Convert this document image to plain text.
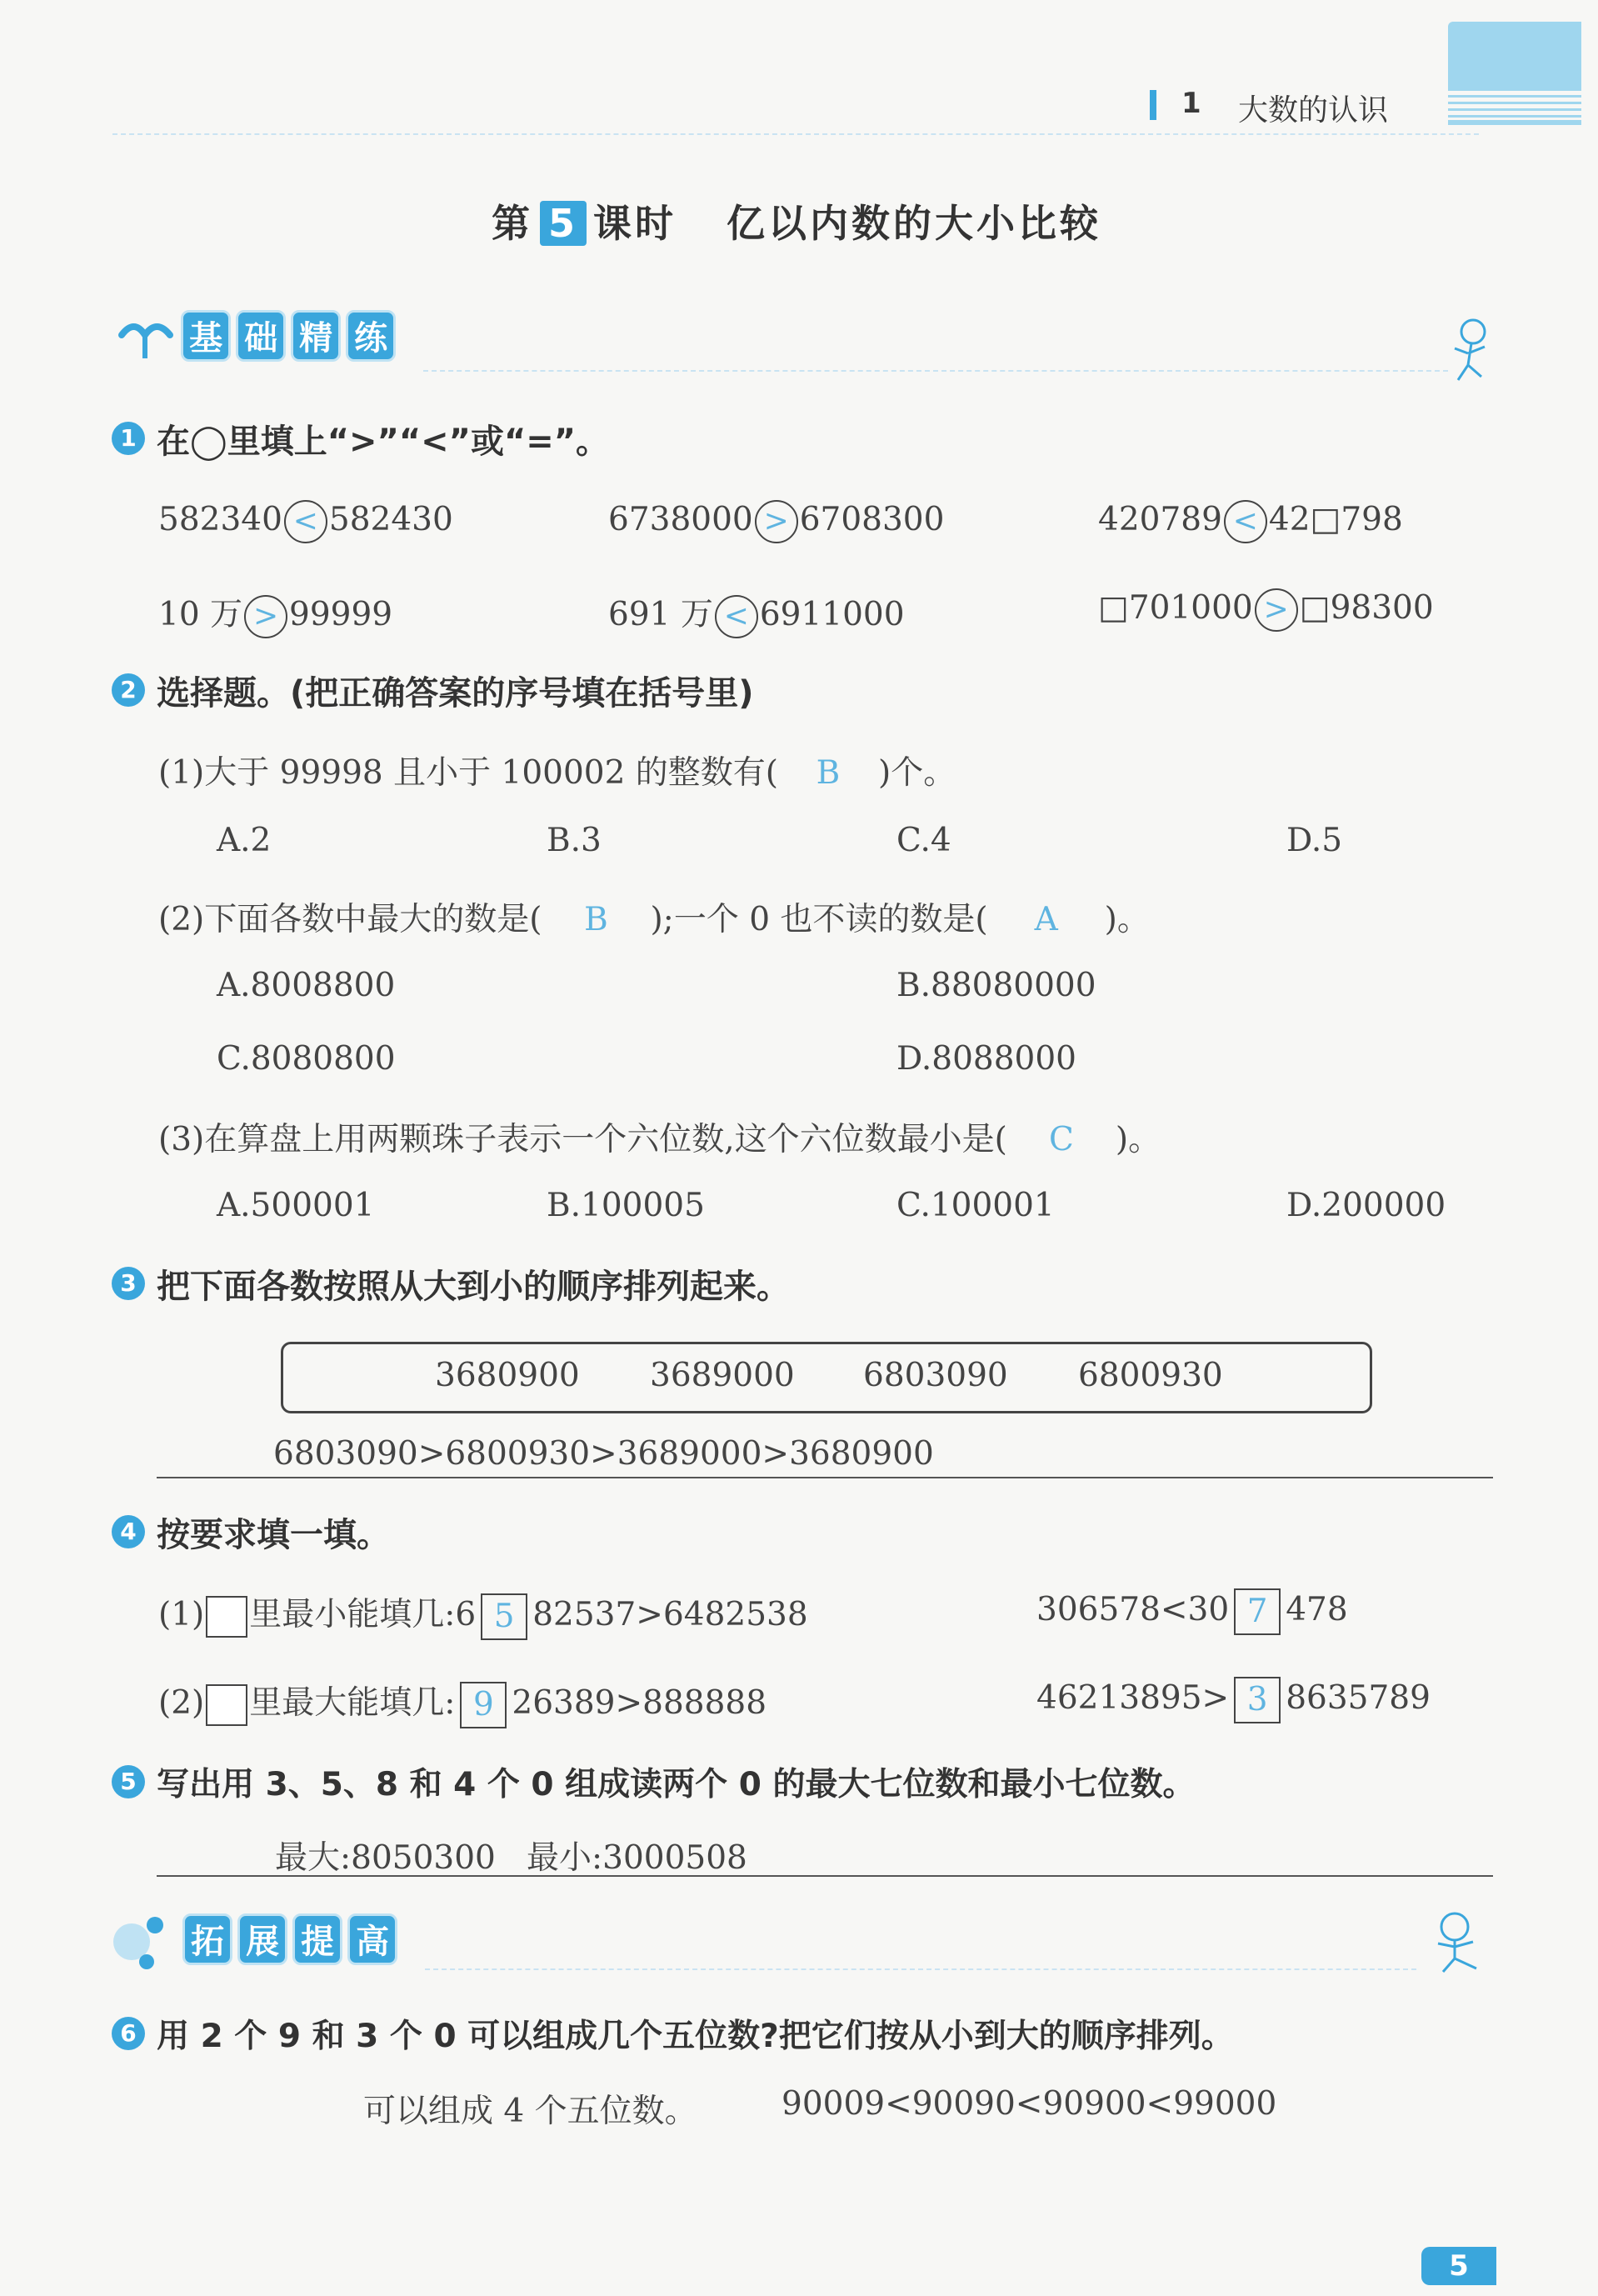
1 大数的认识
第 5 课时 亿以内数的大小比较
基 础 精 练
1 在◯里填上“>”“<”或“=”。
582340 < 582430	6738000 > 6708300	420789 < 42□798
10 万 > 99999	691 万 < 6911000	□701000 > □98300
2 选择题。(把正确答案的序号填在括号里)
(1)大于 99998 且小于 100002 的整数有( B )个。
A.2	B.3	C.4	D.5
(2)下面各数中最大的数是( B );一个 0 也不读的数是( A )。
A.8008800	B.88080000
C.8080800	D.8088000
(3)在算盘上用两颗珠子表示一个六位数,这个六位数最小是( C )。
A.500001	B.100005	C.100001	D.200000
3 把下面各数按照从大到小的顺序排列起来。
3680900 3689000 6803090 6800930
6803090>6800930>3689000>3680900
4 按要求填一填。
(1) 里最小能填几:6 5 82537>6482538	306578<30 7 478
(2) 里最大能填几: 9 26389>888888	46213895> 3 8635789
5 写出用 3、5、8 和 4 个 0 组成读两个 0 的最大七位数和最小七位数。
最大:8050300   最小:3000508
拓 展 提 高
6 用 2 个 9 和 3 个 0 可以组成几个五位数?把它们按从小到大的顺序排列。
可以组成 4 个五位数。	90009<90090<90900<99000
5
